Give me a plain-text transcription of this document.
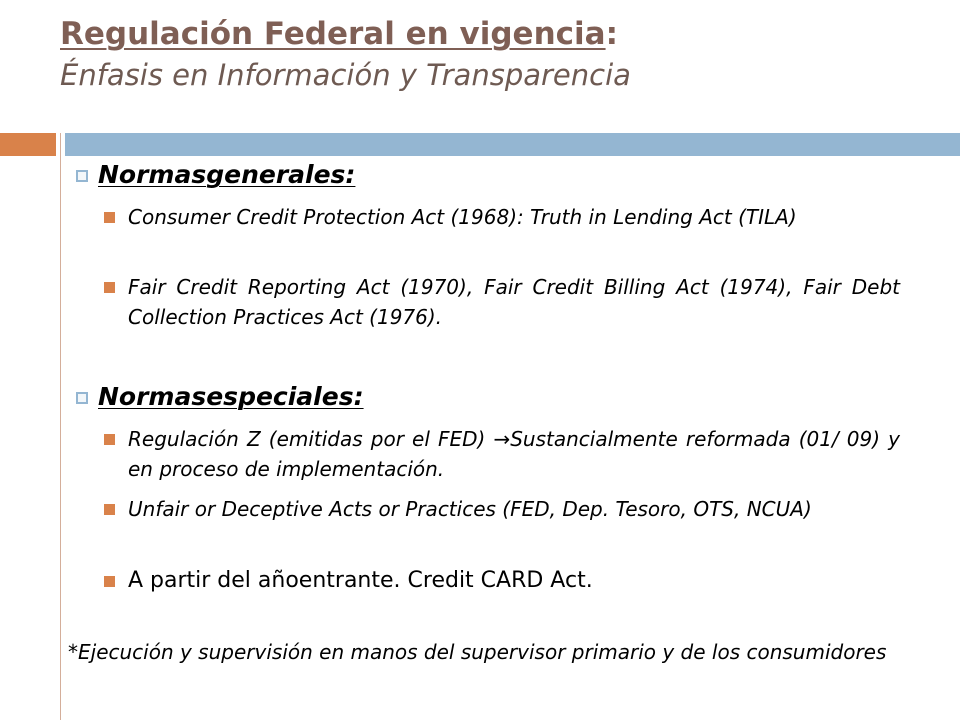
Regulación Federal en vigencia:
Énfasis en Información y Transparencia
Normasgenerales:
Consumer Credit Protection Act (1968): Truth in Lending Act (TILA)
Fair Credit Reporting Act (1970), Fair Credit Billing Act (1974), Fair Debt Collection Practices Act (1976).
Normasespeciales:
Regulación Z (emitidas por el FED) →Sustancialmente reformada (01/ 09) y en proceso de implementación.
Unfair or Deceptive Acts or Practices (FED, Dep. Tesoro, OTS, NCUA)
A partir del añoentrante. Credit CARD Act.
*Ejecución y supervisión en manos del supervisor primario y de los consumidores
